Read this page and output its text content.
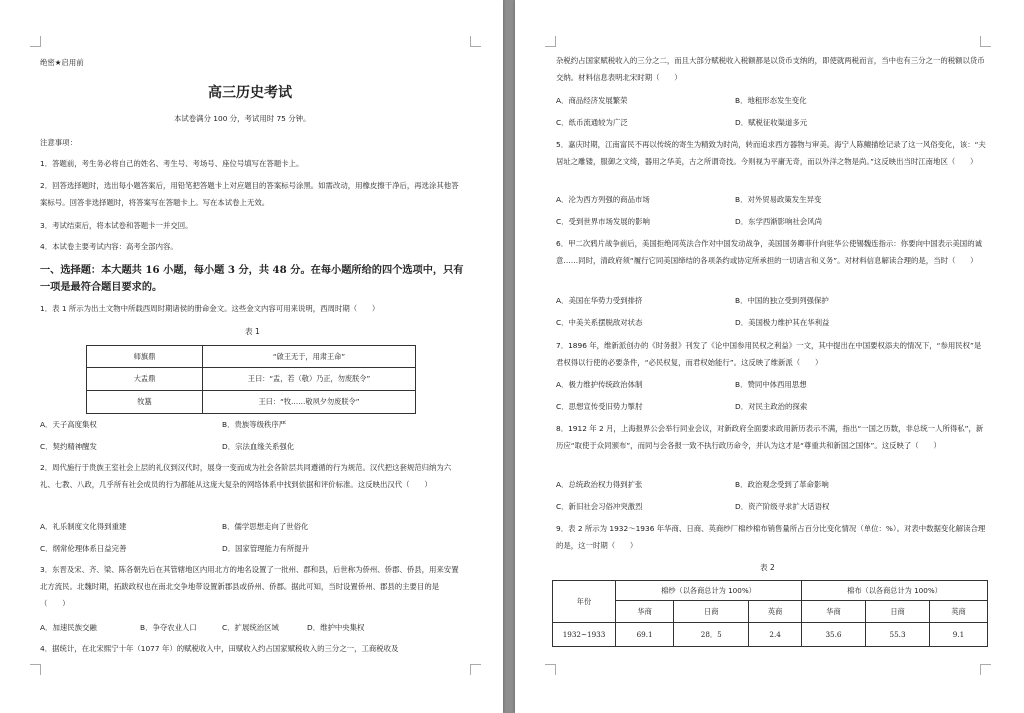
绝密★启用前
高三历史考试
本试卷满分 100 分，考试用时 75 分钟。
注意事项：
1．答题前，考生务必将自己的姓名、考生号、考场号、座位号填写在答题卡上。
2．回答选择题时，选出每小题答案后，用铅笔把答题卡上对应题目的答案标号涂黑。如需改动，用橡皮擦干净后，再选涂其他答案标号。回答非选择题时，将答案写在答题卡上。写在本试卷上无效。
3．考试结束后，将本试卷和答题卡一并交回。
4．本试卷主要考试内容：高考全部内容。
一、选择题：本大题共 16 小题，每小题 3 分，共 48 分。在每小题所给的四个选项中，只有一项是最符合题目要求的。
1．表 1 所示为出土文物中所载西周时期诸侯的册命金文。这些金文内容可用来说明，西周时期（　　）
表 1
师旗鼎	“啟王无于，用肃王命”
大盂鼎	王曰：“盂，若（敬）乃正，勿废朕令”
牧簋	王曰：“牧……敬夙夕勿废朕令”
A．天子高度集权	B．贵族等级秩序严
C．契约精神醒发	D．宗法血缘关系强化
2．周代施行于贵族王室社会上层的礼仪到汉代时，展身一变而成为社会各阶层共同遵循的行为规范。汉代把这套规范归纳为六礼、七教、八政，几乎所有社会成员的行为都能从这庞大复杂的网络体系中找到依据和评价标准。这反映出汉代（　　）
A．礼乐制度文化得到重建	B．儒学思想走向了世俗化
C．纲常伦理体系日益完善	D．国家管理能力有所提升
3．东晋及宋、齐、梁、陈各朝先后在其管辖地区内用北方的地名设置了一批州、郡和县，后世称为侨州、侨郡、侨县，用来安置北方流民。北魏时期，拓跋政权也在南北交争地带设置新郡县或侨州、侨郡。据此可知，当时设置侨州、郡县的主要目的是（　　）
A．加速民族交融	B．争夺农业人口	C．扩展统治区域	D．维护中央集权
4．据统计，在北宋熙宁十年（1077 年）的赋税收入中，田赋收入约占国家赋税收入的三分之一，工商税收及
杂税约占国家赋税收入的三分之二，而且大部分赋税收入税额都是以货币支纳的，即使就两税而言，当中也有三分之一的税额以货币交纳。材料信息表明北宋时期（　　）
A．商品经济发展繁荣	B．地租形态发生变化
C．纸币流通较为广泛	D．赋税征收渠道多元
5．嘉庆时期，江南富民不再以传统的寄生为精致为时尚，转而追求西方器物与审美。海宁人陈鳣描绘记录了这一风俗变化，该：“夫居址之雕镂，服御之文绮，器用之华美，古之所谓奇技。今则视为平庸无奇，而以外洋之物是尚。”这反映出当时江南地区（　　）
A．沦为西方列强的商品市场	B．对外贸易政策发生异变
C．受到世界市场发展的影响	D．东学西渐影响社会风尚
6．甲二次鸦片战争前后，美国拒绝同英法合作对中国发动战争，美国国务卿菲什向驻华公使锡魏连指示：你要向中国表示美国的诚意……同时，清政府须“履行它同美国缔结的各项条约或协定所承担的一切诸言和义务”。对材料信息解读合理的是，当时（　　）
A．美国在华势力受到排挤	B．中国的独立受到列强保护
C．中美关系摆脱敌对状态	D．美国极力维护其在华利益
7．1896 年，维新派创办的《时务报》刊发了《论中国参用民权之利益》一文，其中提出在中国要权添夫的情况下，“参用民权”是君权得以行使的必要条件，“必民权复，而君权始能行”。这反映了维新派（　　）
A．极力维护传统政治体制	B．赞同中体西用思想
C．思想宣传受旧势力掣肘	D．对民主政治的探索
8．1912 年 2 月，上海报界公会举行同业会议，对新政府全面要求政用新历表示不满，指出“一国之历数，非总统一人所得私”，新历应“取使于众同颁布”，而同与会各报一致不执行政历命令，并认为这才是“尊重共和新国之国体”。这反映了（　　）
A．总统政治权力得到扩张	B．政治观念受到了革命影响
C．新旧社会习俗冲突激烈	D．资产阶级寻求扩大话语权
9．表 2 所示为 1932～1936 年华商、日商、英商纱厂棉纱棉布销售量所占百分比变化情况（单位：%）。对表中数据变化解读合理的是，这一时期（　　）
表 2
年份	棉纱（以各商总计为 100%）			棉布（以各商总计为 100%）		
	华商	日商	英商	华商	日商	英商
1932~1933	69.1	28．5	2.4	35.6	55.3	9.1
